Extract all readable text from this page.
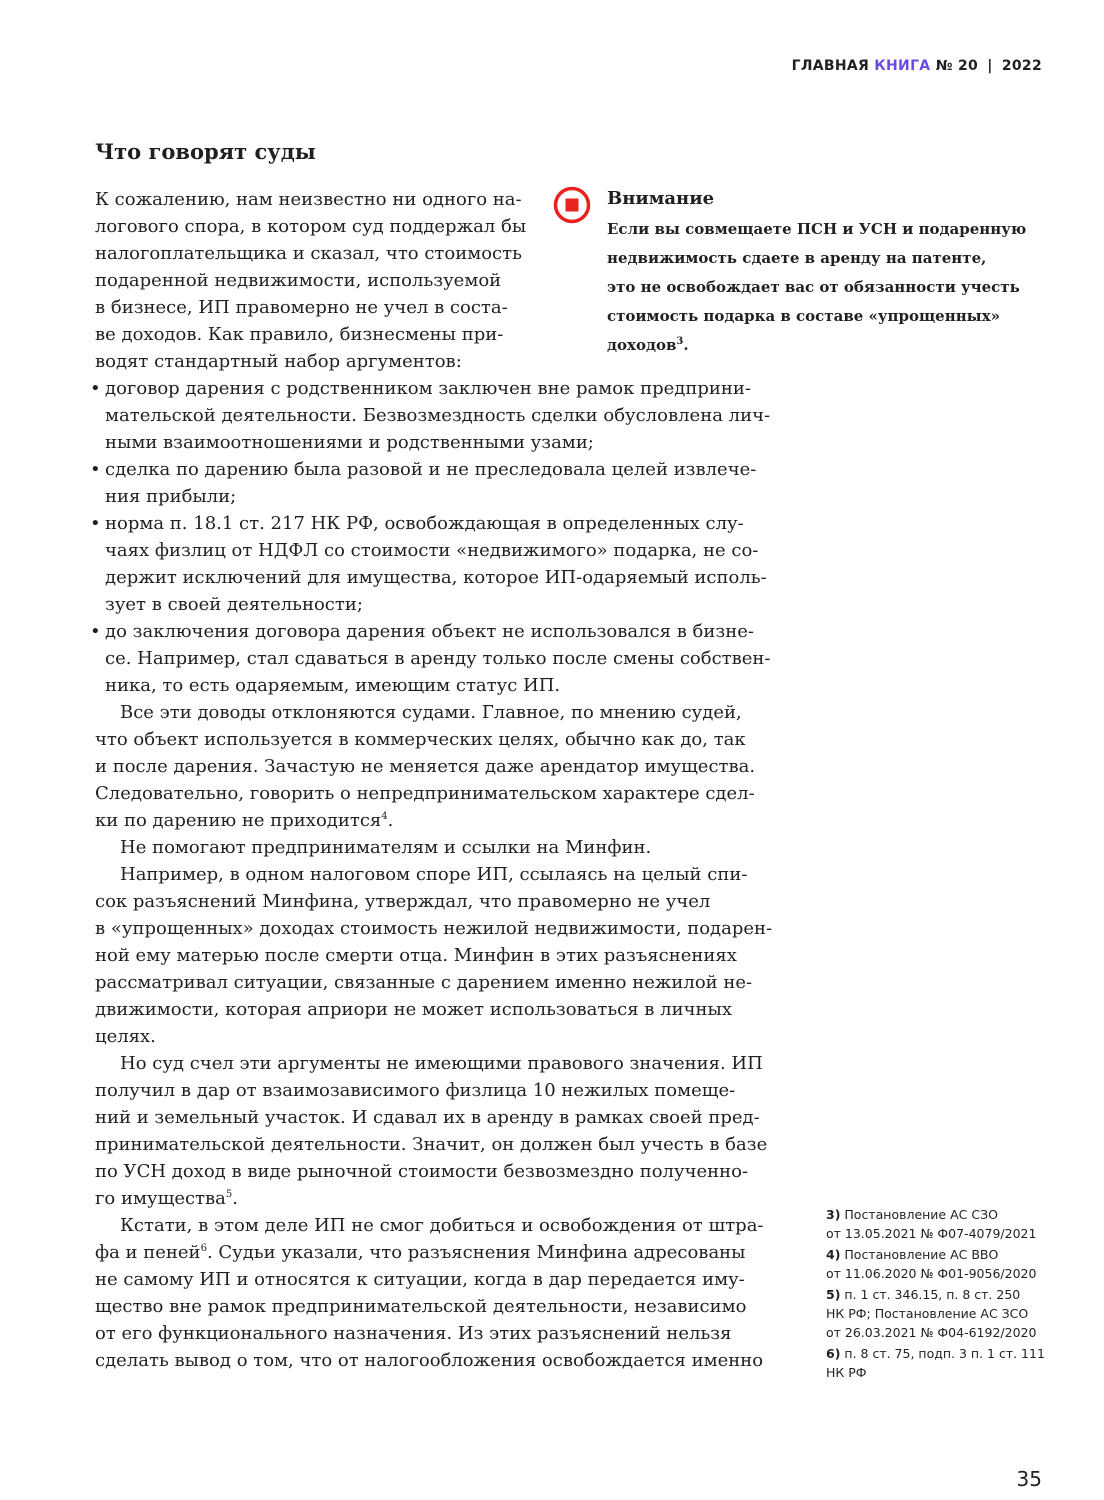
ГЛАВНАЯ КНИГА № 20 | 2022
Что говорят суды
К сожалению, нам неизвестно ни одного на-
логового спора, в котором суд поддержал бы
налогоплательщика и сказал, что стоимость
подаренной недвижимости, используемой
в бизнесе, ИП правомерно не учел в соста-
ве доходов. Как правило, бизнесмены при-
водят стандартный набор аргументов:
Внимание
Если вы совмещаете ПСН и УСН и подаренную
недвижимость сдаете в аренду на патенте,
это не освобождает вас от обязанности учесть
стоимость подарка в составе «упрощенных»
доходов$^3$.
• договор дарения с родственником заключен вне рамок предприни-
мательской деятельности. Безвозмездность сделки обусловлена лич-
ными взаимоотношениями и родственными узами;
• сделка по дарению была разовой и не преследовала целей извлече-
ния прибыли;
• норма п. 18.1 ст. 217 НК РФ, освобождающая в определенных слу-
чаях физлиц от НДФЛ со стоимости «недвижимого» подарка, не со-
держит исключений для имущества, которое ИП-одаряемый исполь-
зует в своей деятельности;
• до заключения договора дарения объект не использовался в бизне-
се. Например, стал сдаваться в аренду только после смены собствен-
ника, то есть одаряемым, имеющим статус ИП.
Все эти доводы отклоняются судами. Главное, по мнению судей,
что объект используется в коммерческих целях, обычно как до, так
и после дарения. Зачастую не меняется даже арендатор имущества.
Следовательно, говорить о непредпринимательском характере сдел-
ки по дарению не приходится$^4$.
Не помогают предпринимателям и ссылки на Минфин.
Например, в одном налоговом споре ИП, ссылаясь на целый спи-
сок разъяснений Минфина, утверждал, что правомерно не учел
в «упрощенных» доходах стоимость нежилой недвижимости, подарен-
ной ему матерью после смерти отца. Минфин в этих разъяснениях
рассматривал ситуации, связанные с дарением именно нежилой не-
движимости, которая априори не может использоваться в личных
целях.
Но суд счел эти аргументы не имеющими правового значения. ИП
получил в дар от взаимозависимого физлица 10 нежилых помеще-
ний и земельный участок. И сдавал их в аренду в рамках своей пред-
принимательской деятельности. Значит, он должен был учесть в базе
по УСН доход в виде рыночной стоимости безвозмездно полученно-
го имущества$^5$.
Кстати, в этом деле ИП не смог добиться и освобождения от штра-
фа и пеней$^6$. Судьи указали, что разъяснения Минфина адресованы
не самому ИП и относятся к ситуации, когда в дар передается иму-
щество вне рамок предпринимательской деятельности, независимо
от его функционального назначения. Из этих разъяснений нельзя
сделать вывод о том, что от налогообложения освобождается именно
3) Постановление АС СЗО
от 13.05.2021 № Ф07-4079/2021
4) Постановление АС ВВО
от 11.06.2020 № Ф01-9056/2020
5) п. 1 ст. 346.15, п. 8 ст. 250
НК РФ; Постановление АС ЗСО
от 26.03.2021 № Ф04-6192/2020
6) п. 8 ст. 75, подп. 3 п. 1 ст. 111
НК РФ
35
